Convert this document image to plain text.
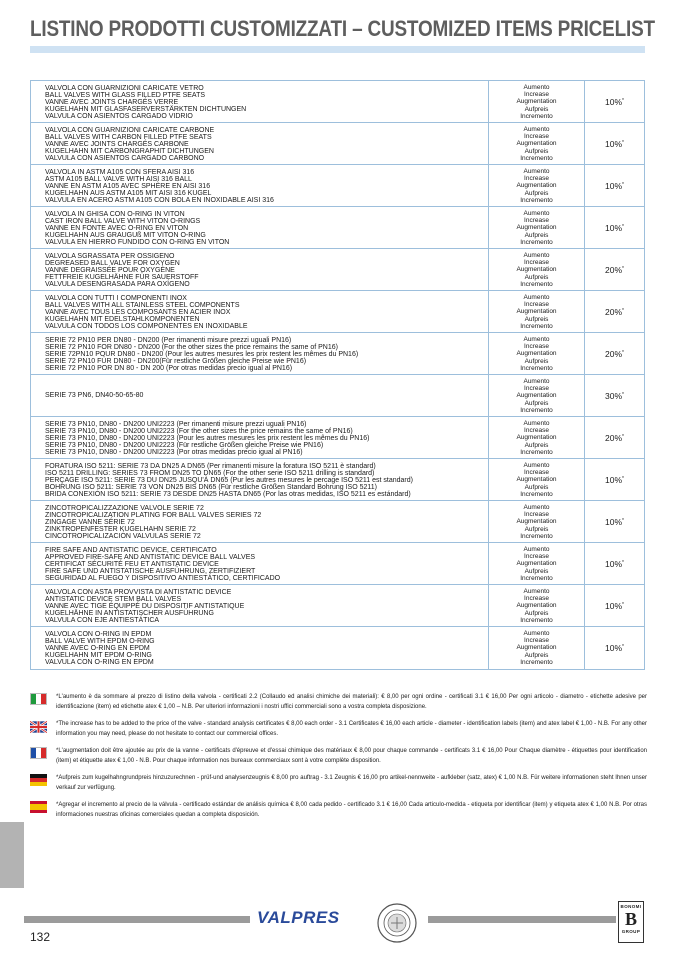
LISTINO PRODOTTI CUSTOMIZZATI – CUSTOMIZED ITEMS PRICELIST
VALVOLA CON GUARNIZIONI CARICATE VETRO
BALL VALVES WITH GLASS FILLED PTFE SEATS
VANNE AVEC JOINTS CHARGÉS VERRE
KUGELHAHN MIT GLASFASERVERSTÄRKTEN DICHTUNGEN
VALVULA CON ASIENTOS CARGADO VIDRIO
Aumento
Increase
Augmentation
Aufpreis
Incremento
10%*
VALVOLA CON GUARNIZIONI CARICATE CARBONE
BALL VALVES WITH CARBON FILLED PTFE SEATS
VANNE AVEC JOINTS CHARGÉS CARBONE
KUGELHAHN MIT CARBONGRAPHIT DICHTUNGEN
VALVULA CON ASIENTOS CARGADO CARBONO
Aumento
Increase
Augmentation
Aufpreis
Incremento
10%*
VALVOLA IN ASTM A105 CON SFERA AISI 316
ASTM A105 BALL VALVE WITH AISI 316 BALL
VANNE EN ASTM A105 AVEC SPHÈRE EN AISI 316
KUGELHAHN AUS ASTM A105 MIT AISI 316 KUGEL
VALVULA EN ACERO ASTM A105 CON BOLA EN INOXIDABLE AISI 316
Aumento
Increase
Augmentation
Aufpreis
Incremento
10%*
VALVOLA IN GHISA CON O-RING IN VITON
CAST IRON BALL VALVE WITH VITON O-RINGS
VANNE EN FONTE AVEC O-RING EN VITON
KUGELHAHN AUS GRAUGUß MIT VITON O-RING
VALVULA EN HIERRO FUNDIDO CON O-RING EN VITON
Aumento
Increase
Augmentation
Aufpreis
Incremento
10%*
VALVOLA SGRASSATA PER OSSIGENO
DEGREASED BALL VALVE FOR OXYGEN
VANNE DEGRAISSÉE POUR OXYGÈNE
FETTFREIE KUGELHÄHNE FÜR SAUERSTOFF
VALVULA DESENGRASADA PARA OXÍGENO
Aumento
Increase
Augmentation
Aufpreis
Incremento
20%*
VALVOLA CON TUTTI I COMPONENTI INOX
BALL VALVES WITH ALL STAINLESS STEEL COMPONENTS
VANNE AVEC TOUS LES COMPOSANTS EN ACIER INOX
KUGELHAHN MIT EDELSTAHLKOMPONENTEN
VALVULA CON TODOS LOS COMPONENTES EN INOXIDABLE
Aumento
Increase
Augmentation
Aufpreis
Incremento
20%*
SERIE 72 PN10 PER DN80 - DN200 (Per rimanenti misure prezzi uguali PN16)
SERIE 72 PN10 FOR DN80 - DN200 (For the other sizes the price remains the same of PN16)
SERIE 72PN10 POUR DN80 - DN200 (Pour les autres mesures les prix restent les mêmes du PN16)
SERIE 72 PN10 FÜR DN80 - DN200(Für restliche Größen gleiche Preise wie PN16)
SERIE 72 PN10 POR DN 80 - DN 200 (Por otras medidas precio igual al PN16)
Aumento
Increase
Augmentation
Aufpreis
Incremento
20%*
SERIE 73 PN6, DN40-50-65-80
Aumento
Increase
Augmentation
Aufpreis
Incremento
30%*
SERIE 73 PN10, DN80 - DN200 UNI2223 (Per rimanenti misure prezzi uguali PN16)
SERIE 73 PN10, DN80 - DN200 UNI2223 (For the other sizes the price remains the same of PN16)
SERIE 73 PN10, DN80 - DN200 UNI2223 (Pour les autres mesures les prix restent les mêmes du PN16)
SERIE 73 PN10, DN80 - DN200 UNI2223 (Für restliche Größen gleiche Preise wie PN16)
SERIE 73 PN10, DN80 - DN200 UNI2223 (Por otras medidas precio igual al PN16)
Aumento
Increase
Augmentation
Aufpreis
Incremento
20%*
FORATURA ISO 5211: SERIE 73 DA DN25 A DN65 (Per rimanenti misure la foratura ISO 5211 è standard)
ISO 5211 DRILLING: SERIES 73 FROM DN25 TO DN65 (For the other serie ISO 5211 drilling is standard)
PERÇAGE ISO 5211: SERIE 73 DU DN25 JUSQU'À DN65 (Pur les autres mesures le percage ISO 5211 est standard)
BOHRUNG ISO 5211: SERIE 73 VON DN25 BIS DN65 (Für restliche Größen Standard Bohrung ISO 5211)
BRIDA CONEXIÓN ISO 5211: SERIE 73 DESDE DN25 HASTA DN65 (Por las otras medidas, ISO 5211 es estándard)
Aumento
Increase
Augmentation
Aufpreis
Incremento
10%*
ZINCOTROPICALIZZAZIONE VALVOLE SERIE 72
ZINCOTROPICALIZATION PLATING FOR BALL VALVES SERIES 72
ZINGAGE VANNE SÉRIE 72
ZINKTROPENFESTER KUGELHAHN SERIE 72
CINCOTROPICALIZACIÓN VALVULAS SERIE 72
Aumento
Increase
Augmentation
Aufpreis
Incremento
10%*
FIRE SAFE AND ANTISTATIC DEVICE, CERTIFICATO
APPROVED FIRE-SAFE AND ANTISTATIC DEVICE BALL VALVES
CERTIFICAT SÉCURITÉ FEU ET ANTISTATIC DEVICE
FIRE SAFE UND ANTISTATISCHE AUSFÜHRUNG, ZERTIFIZIERT
SEGURIDAD AL FUEGO Y DISPOSITIVO ANTIESTÁTICO, CERTIFICADO
Aumento
Increase
Augmentation
Aufpreis
Incremento
10%*
VALVOLA CON ASTA PROVVISTA DI ANTISTATIC DEVICE
ANTISTATIC DEVICE STEM BALL VALVES
VANNE AVEC TIGE ÉQUIPPÉ DU DISPOSITIF ANTISTATIQUE
KUGELHÄHNE IN ANTISTATISCHER AUSFÜHRUNG
VALVULA CON EJE ANTIESTÁTICA
Aumento
Increase
Augmentation
Aufpreis
Incremento
10%*
VALVOLA CON O-RING IN EPDM
BALL VALVE WITH EPDM O-RING
VANNE AVEC O-RING EN EPDM
KUGELHAHN MIT EPDM O-RING
VALVULA CON O-RING EN EPDM
Aumento
Increase
Augmentation
Aufpreis
Incremento
10%*
*L'aumento è da sommare al prezzo di listino della valvola - certificati 2.2 (Collaudo ed analisi chimiche dei materiali): € 8,00 per ogni ordine - certificati 3.1 € 16,00 Per ogni articolo - diametro - etichette adesive per identificazione (item) ed etichette atex € 1,00 – N.B. Per ulteriori informazioni i nostri uffici commerciali sono a vostra completa disposizione.
*The increase has to be added to the price of the valve - standard analysis certificates € 8,00 each order - 3.1 Certificates € 16,00 each article - diameter - identification labels (item) and atex label € 1,00 - N.B. For any other information you may need, please do not hesitate to contact our commercial offices.
*L'augmentation doit être ajoutée au prix de la vanne - certificats d'épreuve et d'essai chimique des matériaux € 8,00 pour chaque commande - certificats 3.1 € 16,00 Pour Chaque diamètre - étiquettes pour identification (item) et étiquette atex € 1,00 - N.B. Pour chaque information nos bureaux commerciaux sont à votre complète disposition.
*Aufpreis zum kugelhahngrundpreis hinzuzurechnen - prüf-und analysenzeugnis € 8,00 pro auftrag - 3.1 Zeugnis € 16,00 pro artikel-nennweite - aufkleber (satz, atex) € 1,00 N.B. Für weitere informationen steht Ihnen unser verkauf zur verfügung.
*Agregar el incremento al precio de la válvula - certificado estándar de análisis química € 8,00 cada pedido - certificado 3.1 € 16,00 Cada articulo-medida - etiqueta por identificar (item) y etiqueta atex € 1,00 N.B. Por otras informaciones nuestras oficinas comerciales quedan a completa disposición.
132
VALPRES
BONOMI
B
GROUP
